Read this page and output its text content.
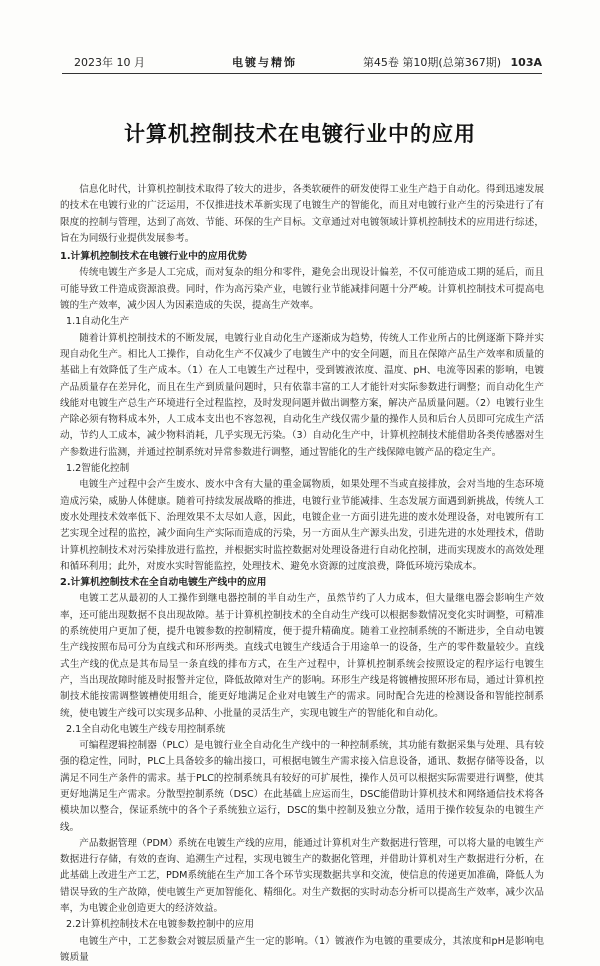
2023年 10 月	电镀与精饰	第45卷 第10期(总第367期) 103A
计算机控制技术在电镀行业中的应用

信息化时代，计算机控制技术取得了较大的进步，各类软硬件的研发使得工业生产趋于自动化。得到迅速发展的技术在电镀行业的广泛运用，不仅推进技术革新实现了电镀生产的智能化，而且对电镀行业产生的污染进行了有限度的控制与管理，达到了高效、节能、环保的生产目标。文章通过对电镀领域计算机控制技术的应用进行综述，旨在为同级行业提供发展参考。

1.计算机控制技术在电镀行业中的应用优势

传统电镀生产多是人工完成，而对复杂的组分和零件，避免会出现设计偏差，不仅可能造成工期的延后，而且可能导致工件造成资源浪费。同时，作为高污染产业，电镀行业节能减排问题十分严峻。计算机控制技术可提高电镀的生产效率，减少因人为因素造成的失误，提高生产效率。

1.1自动化生产

随着计算机控制技术的不断发展，电镀行业自动化生产逐渐成为趋势，传统人工作业所占的比例逐渐下降并实现自动化生产。相比人工操作，自动化生产不仅减少了电镀生产中的安全问题，而且在保障产品生产效率和质量的基础上有效降低了生产成本。（1）在人工电镀生产过程中，受到镀液浓度、温度、pH、电流等因素的影响，电镀产品质量存在差异化，而且在生产到质量问题时，只有依靠丰富的工人才能针对实际参数进行调整；而自动化生产线能对电镀生产总生产环境进行全过程监控，及时发现问题并做出调整方案，解决产品质量问题。（2）电镀行业生产除必须有物料成本外，人工成本支出也不容忽视，自动化生产线仅需少量的操作人员和后台人员即可完成生产活动，节约人工成本，减少物料消耗，几乎实现无污染。（3）自动化生产中，计算机控制技术能借助各类传感器对生产参数进行监测，并通过控制系统对异常参数进行调整，通过智能化的生产线保障电镀产品的稳定生产。

1.2智能化控制

电镀生产过程中会产生废水、废水中含有大量的重金属物质，如果处理不当或直接排放，会对当地的生态环境造成污染，威胁人体健康。随着可持续发展战略的推进，电镀行业节能减排、生态发展方面遇到新挑战，传统人工废水处理技术效率低下、治理效果不太尽如人意，因此，电镀企业一方面引进先进的废水处理设备，对电镀所有工艺实现全过程的监控，减少面向生产实际而造成的污染，另一方面从生产源头出发，引进先进的水处理技术，借助计算机控制技术对污染排放进行监控，并根据实时监控数据对处理设备进行自动化控制，进而实现废水的高效处理和循环利用；此外，对废水实时智能监控，处理技术、避免水资源的过度浪费，降低环境污染成本。

2.计算机控制技术在全自动电镀生产线中的应用

电镀工艺从最初的人工操作到继电器控制的半自动生产，虽然节约了人力成本，但大量继电器会影响生产效率，还可能出现数据不良出现故障。基于计算机控制技术的全自动生产线可以根据参数情况变化实时调整，可精准的系统使用户更加了便，提升电镀参数的控制精度，便于提升精确度。随着工业控制系统的不断进步，全自动电镀生产线按照布局可分为直线式和环形两类。直线式电镀生产线适合于用途单一的设备，生产的零件数量较少。直线式生产线的优点是其布局呈一条直线的排布方式，在生产过程中，计算机控制系统会按照设定的程序运行电镀生产，当出现故障时能及时报警并定位，降低故障对生产的影响。环形生产线是将镀槽按照环形布局，通过计算机控制技术能按需调整镀槽使用组合，能更好地满足企业对电镀生产的需求。同时配合先进的检测设备和智能控制系统，使电镀生产线可以实现多品种、小批量的灵活生产，实现电镀生产的智能化和自动化。

2.1全自动化电镀生产线专用控制系统

可编程逻辑控制器（PLC）是电镀行业全自动化生产线中的一种控制系统，其功能有数据采集与处理、具有较强的稳定性，同时，PLC上具备较多的输出接口，可根据电镀生产需求接入信息设备，通讯、数据存储等设备，以满足不同生产条件的需求。基于PLC的控制系统具有较好的可扩展性，操作人员可以根据实际需要进行调整，使其更好地满足生产需求。分散型控制系统（DSC）在此基础上应运而生，DSC能借助计算机技术和网络通信技术将各模块加以整合，保证系统中的各个子系统独立运行，DSC的集中控制及独立分散，适用于操作较复杂的电镀生产线。

产品数据管理（PDM）系统在电镀生产线的应用，能通过计算机对生产数据进行管理，可以将大量的电镀生产数据进行存储，有效的查询、追溯生产过程，实现电镀生产的数据化管理，并借助计算机对生产数据进行分析，在此基础上改进生产工艺，PDM系统能在生产加工各个环节实现数据共享和交流，使信息的传递更加准确，降低人为错误导致的生产故障，使电镀生产更加智能化、精细化。对生产数据的实时动态分析可以提高生产效率，减少次品率，为电镀企业创造更大的经济效益。

2.2计算机控制技术在电镀参数控制中的应用

电镀生产中，工艺参数会对镀层质量产生一定的影响。（1）镀液作为电镀的重要成分，其浓度和pH是影响电镀质量
